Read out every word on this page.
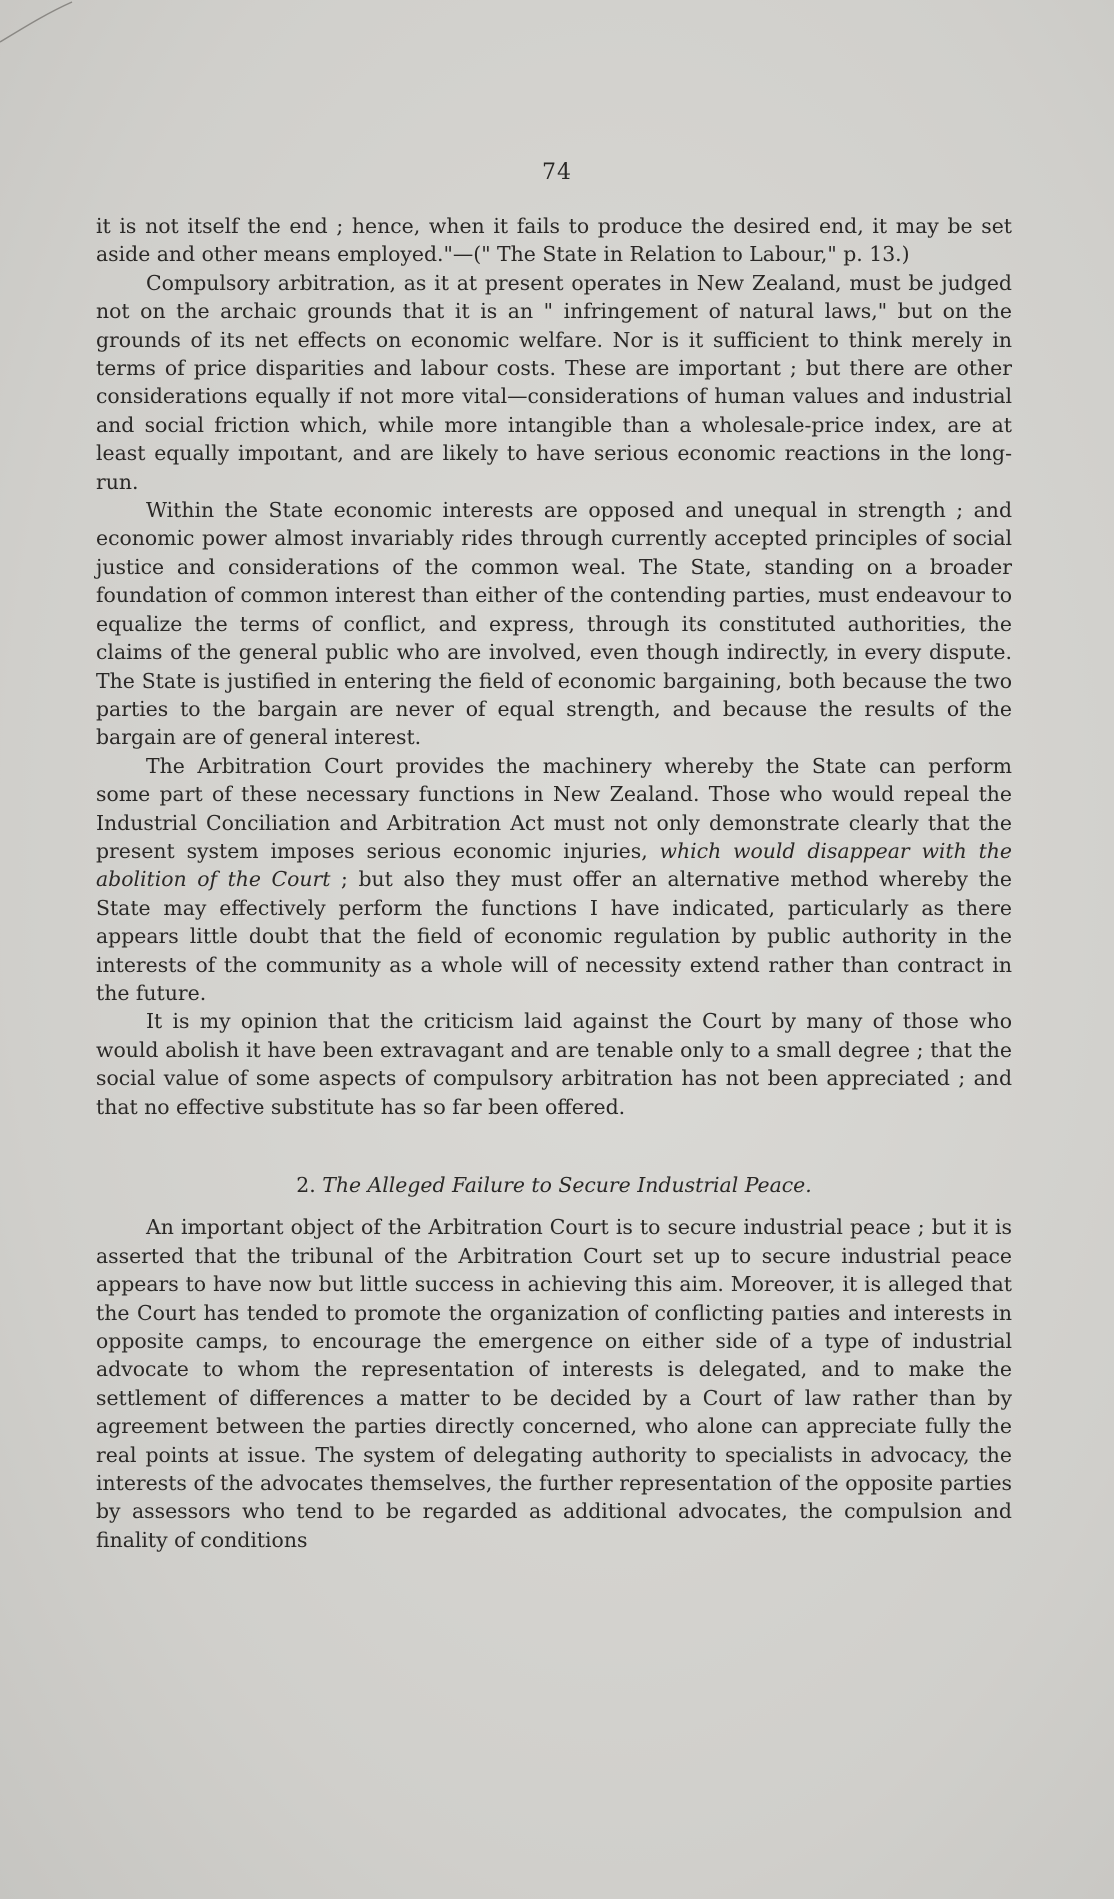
74

it is not itself the end ; hence, when it fails to produce the desired end, it may be set aside and other means employed."—(" The State in Relation to Labour," p. 13.)

Compulsory arbitration, as it at present operates in New Zealand, must be judged not on the archaic grounds that it is an " infringement of natural laws," but on the grounds of its net effects on economic welfare. Nor is it sufficient to think merely in terms of price disparities and labour costs. These are important ; but there are other considerations equally if not more vital—considerations of human values and industrial and social friction which, while more intangible than a wholesale-price index, are at least equally impoıtant, and are likely to have serious economic reactions in the long-run.

Within the State economic interests are opposed and unequal in strength ; and economic power almost invariably rides through currently accepted principles of social justice and considerations of the common weal. The State, standing on a broader foundation of common interest than either of the contending parties, must endeavour to equalize the terms of conflict, and express, through its constituted authorities, the claims of the general public who are involved, even though indirectly, in every dispute. The State is justified in entering the field of economic bargaining, both because the two parties to the bargain are never of equal strength, and because the results of the bargain are of general interest.

The Arbitration Court provides the machinery whereby the State can perform some part of these necessary functions in New Zealand. Those who would repeal the Industrial Conciliation and Arbitration Act must not only demonstrate clearly that the present system imposes serious economic injuries, which would disappear with the abolition of the Court ; but also they must offer an alternative method whereby the State may effectively perform the functions I have indicated, particularly as there appears little doubt that the field of economic regulation by public authority in the interests of the community as a whole will of necessity extend rather than contract in the future.

It is my opinion that the criticism laid against the Court by many of those who would abolish it have been extravagant and are tenable only to a small degree ; that the social value of some aspects of compulsory arbitration has not been appreciated ; and that no effective substitute has so far been offered.

2. The Alleged Failure to Secure Industrial Peace.

An important object of the Arbitration Court is to secure industrial peace ; but it is asserted that the tribunal of the Arbitration Court set up to secure industrial peace appears to have now but little success in achieving this aim. Moreover, it is alleged that the Court has tended to promote the organization of conflicting paıties and interests in opposite camps, to encourage the emergence on either side of a type of industrial advocate to whom the representation of interests is delegated, and to make the settlement of differences a matter to be decided by a Court of law rather than by agreement between the parties directly concerned, who alone can appreciate fully the real points at issue. The system of delegating authority to specialists in advocacy, the interests of the advocates themselves, the further representation of the opposite parties by assessors who tend to be regarded as additional advocates, the compulsion and finality of conditions
